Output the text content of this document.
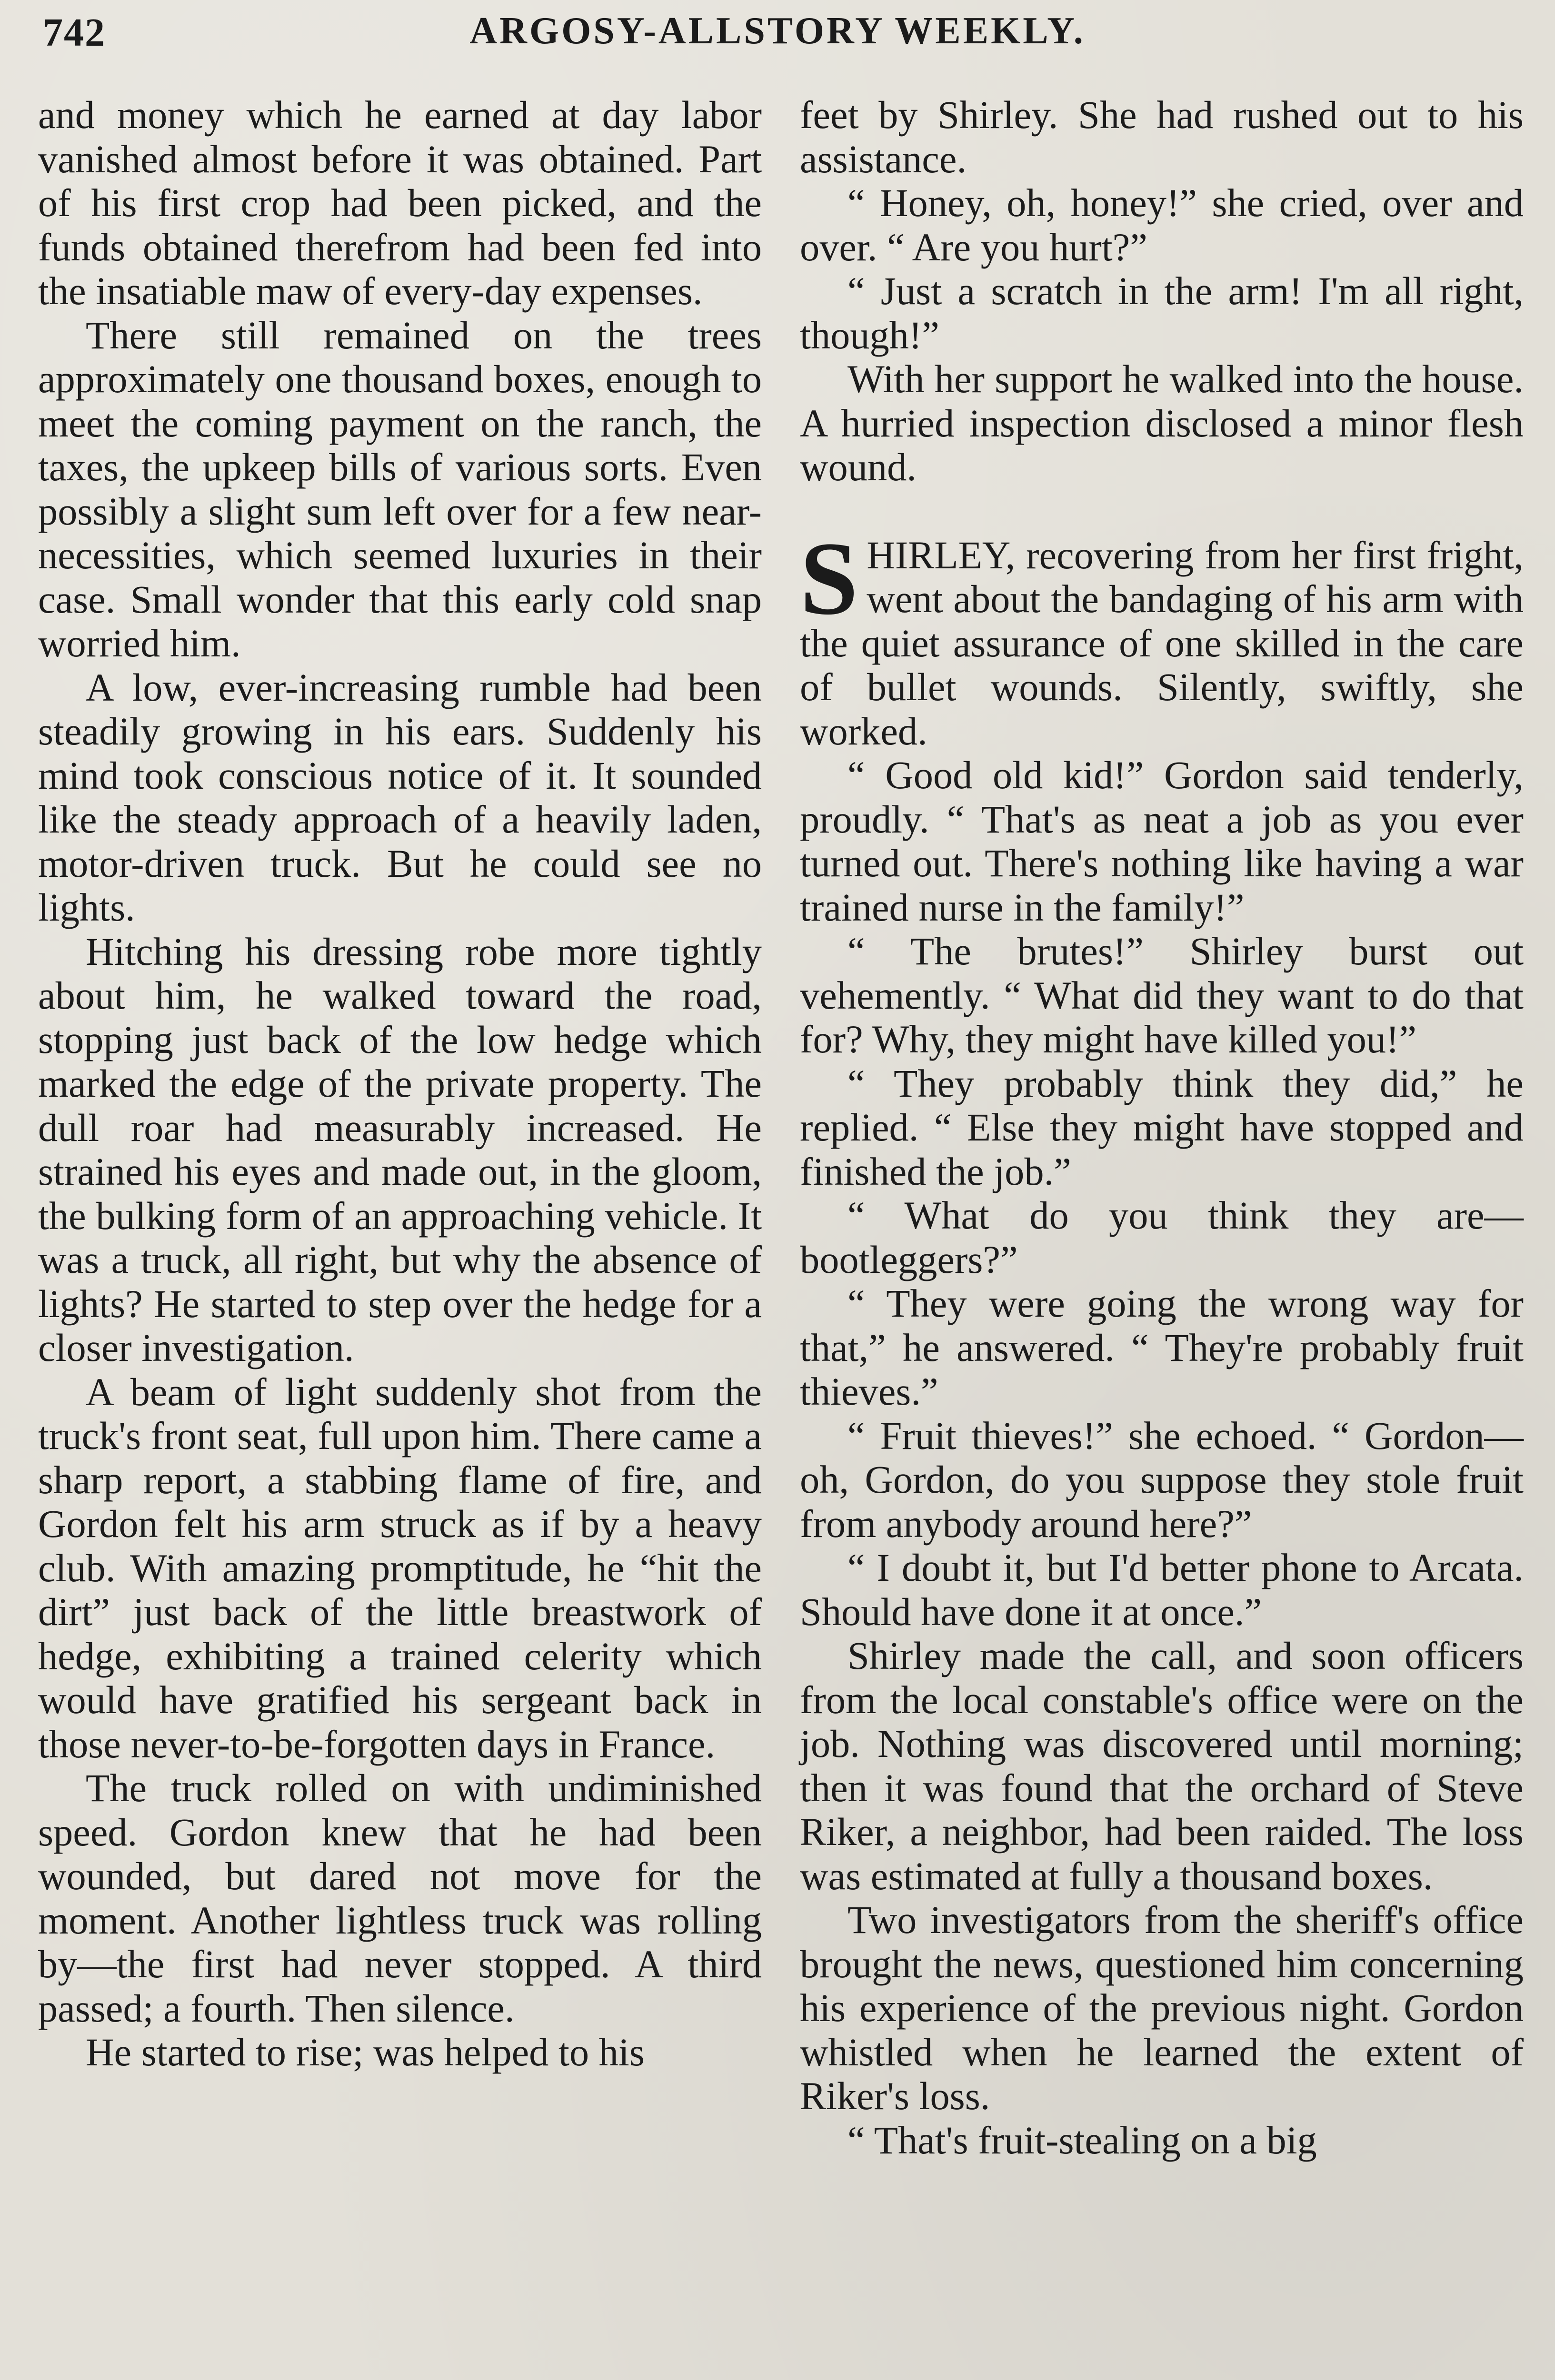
742	ARGOSY-ALLSTORY WEEKLY.

and money which he earned at day labor vanished almost before it was obtained. Part of his first crop had been picked, and the funds obtained therefrom had been fed into the insatiable maw of every-day expenses.

There still remained on the trees approximately one thousand boxes, enough to meet the coming payment on the ranch, the taxes, the upkeep bills of various sorts. Even possibly a slight sum left over for a few near-necessities, which seemed luxuries in their case. Small wonder that this early cold snap worried him.

A low, ever-increasing rumble had been steadily growing in his ears. Suddenly his mind took conscious notice of it. It sounded like the steady approach of a heavily laden, motor-driven truck. But he could see no lights.

Hitching his dressing robe more tightly about him, he walked toward the road, stopping just back of the low hedge which marked the edge of the private property. The dull roar had measurably increased. He strained his eyes and made out, in the gloom, the bulking form of an approaching vehicle. It was a truck, all right, but why the absence of lights? He started to step over the hedge for a closer investigation.

A beam of light suddenly shot from the truck's front seat, full upon him. There came a sharp report, a stabbing flame of fire, and Gordon felt his arm struck as if by a heavy club. With amazing promptitude, he “hit the dirt” just back of the little breastwork of hedge, exhibiting a trained celerity which would have gratified his sergeant back in those never-to-be-forgotten days in France.

The truck rolled on with undiminished speed. Gordon knew that he had been wounded, but dared not move for the moment. Another lightless truck was rolling by—the first had never stopped. A third passed; a fourth. Then silence.

He started to rise; was helped to his

feet by Shirley. She had rushed out to his assistance.

“ Honey, oh, honey!” she cried, over and over. “ Are you hurt?”

“ Just a scratch in the arm! I'm all right, though!”

With her support he walked into the house. A hurried inspection disclosed a minor flesh wound.

SHIRLEY, recovering from her first fright, went about the bandaging of his arm with the quiet assurance of one skilled in the care of bullet wounds. Silently, swiftly, she worked.

“ Good old kid!” Gordon said tenderly, proudly. “ That's as neat a job as you ever turned out. There's nothing like having a war trained nurse in the family!”

“ The brutes!” Shirley burst out vehemently. “ What did they want to do that for? Why, they might have killed you!”

“ They probably think they did,” he replied. “ Else they might have stopped and finished the job.”

“ What do you think they are—bootleggers?”

“ They were going the wrong way for that,” he answered. “ They're probably fruit thieves.”

“ Fruit thieves!” she echoed. “ Gordon—oh, Gordon, do you suppose they stole fruit from anybody around here?”

“ I doubt it, but I'd better phone to Arcata. Should have done it at once.”

Shirley made the call, and soon officers from the local constable's office were on the job. Nothing was discovered until morning; then it was found that the orchard of Steve Riker, a neighbor, had been raided. The loss was estimated at fully a thousand boxes.

Two investigators from the sheriff's office brought the news, questioned him concerning his experience of the previous night. Gordon whistled when he learned the extent of Riker's loss.

“ That's fruit-stealing on a big
